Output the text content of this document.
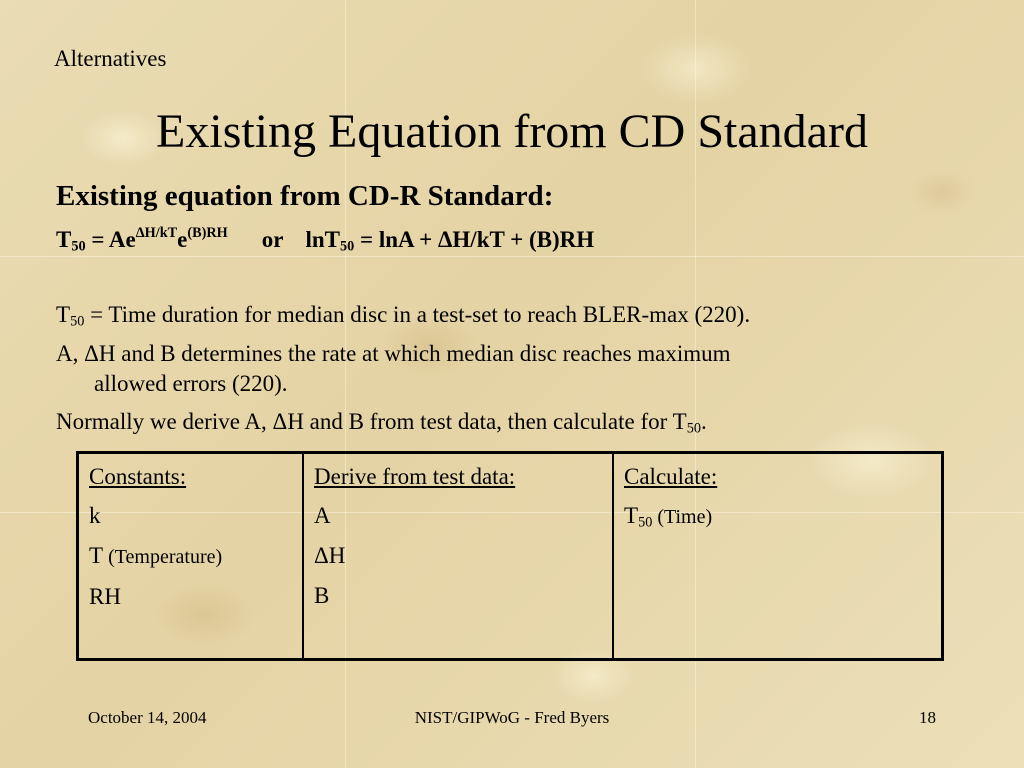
Alternatives
Existing Equation from CD Standard
Existing equation from CD-R Standard:
$T_{50} = Ae^{\Delta H/kT}e^{(B)RH}$ or lnT$_{50}$ = lnA + ΔH/kT + (B)RH
$T_{50}$ = Time duration for median disc in a test-set to reach BLER-max (220).
A, ΔH and B determines the rate at which median disc reaches maximum
allowed errors (220).
Normally we derive A, ΔH and B from test data, then calculate for $T_{50}$.
Constants:
k
T (Temperature)
RH
Derive from test data:
A
ΔH
B
Calculate:
$T_{50}$ (Time)
October 14, 2004	NIST/GIPWoG - Fred Byers	18
